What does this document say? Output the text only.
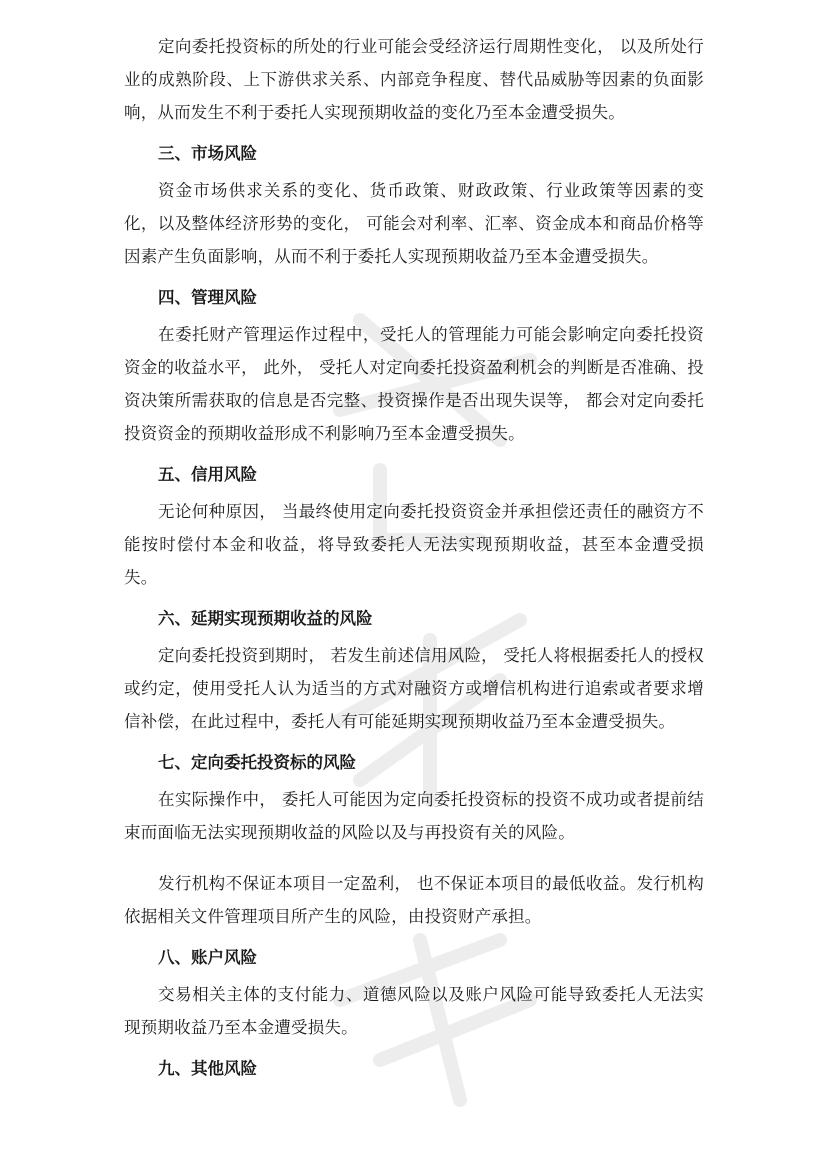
定向委托投资标的所处的行业可能会受经济运行周期性变化， 以及所处行业的成熟阶段、上下游供求关系、内部竞争程度、替代品威胁等因素的负面影响，从而发生不利于委托人实现预期收益的变化乃至本金遭受损失。

三、市场风险

资金市场供求关系的变化、货币政策、财政政策、行业政策等因素的变化，以及整体经济形势的变化， 可能会对利率、汇率、资金成本和商品价格等因素产生负面影响，从而不利于委托人实现预期收益乃至本金遭受损失。

四、管理风险

在委托财产管理运作过程中，受托人的管理能力可能会影响定向委托投资资金的收益水平， 此外， 受托人对定向委托投资盈利机会的判断是否准确、投资决策所需获取的信息是否完整、投资操作是否出现失误等， 都会对定向委托投资资金的预期收益形成不利影响乃至本金遭受损失。

五、信用风险

无论何种原因， 当最终使用定向委托投资资金并承担偿还责任的融资方不能按时偿付本金和收益，将导致委托人无法实现预期收益，甚至本金遭受损失。

六、延期实现预期收益的风险

定向委托投资到期时， 若发生前述信用风险， 受托人将根据委托人的授权或约定，使用受托人认为适当的方式对融资方或增信机构进行追索或者要求增信补偿，在此过程中，委托人有可能延期实现预期收益乃至本金遭受损失。

七、定向委托投资标的风险

在实际操作中， 委托人可能因为定向委托投资标的投资不成功或者提前结束而面临无法实现预期收益的风险以及与再投资有关的风险。

发行机构不保证本项目一定盈利， 也不保证本项目的最低收益。发行机构依据相关文件管理项目所产生的风险，由投资财产承担。

八、账户风险

交易相关主体的支付能力、道德风险以及账户风险可能导致委托人无法实现预期收益乃至本金遭受损失。

九、其他风险
